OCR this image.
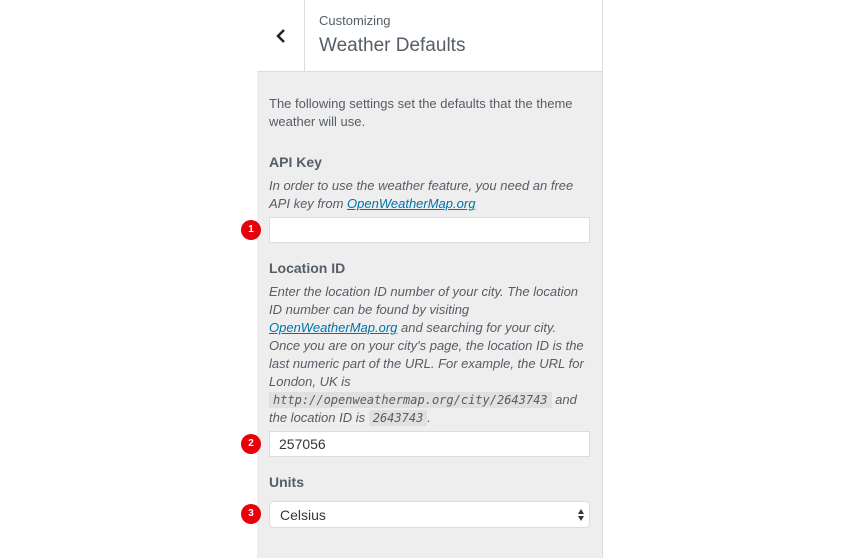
Customizing
Weather Defaults

The following settings set the defaults that the theme weather will use.

API Key

In order to use the weather feature, you need an free API key from OpenWeatherMap.org

1

Location ID

Enter the location ID number of your city. The location ID number can be found by visiting OpenWeatherMap.org and searching for your city. Once you are on your city's page, the location ID is the last numeric part of the URL. For example, the URL for London, UK is http://openweathermap.org/city/2643743 and the location ID is 2643743 .

2
257056

Units

3	Celsius
